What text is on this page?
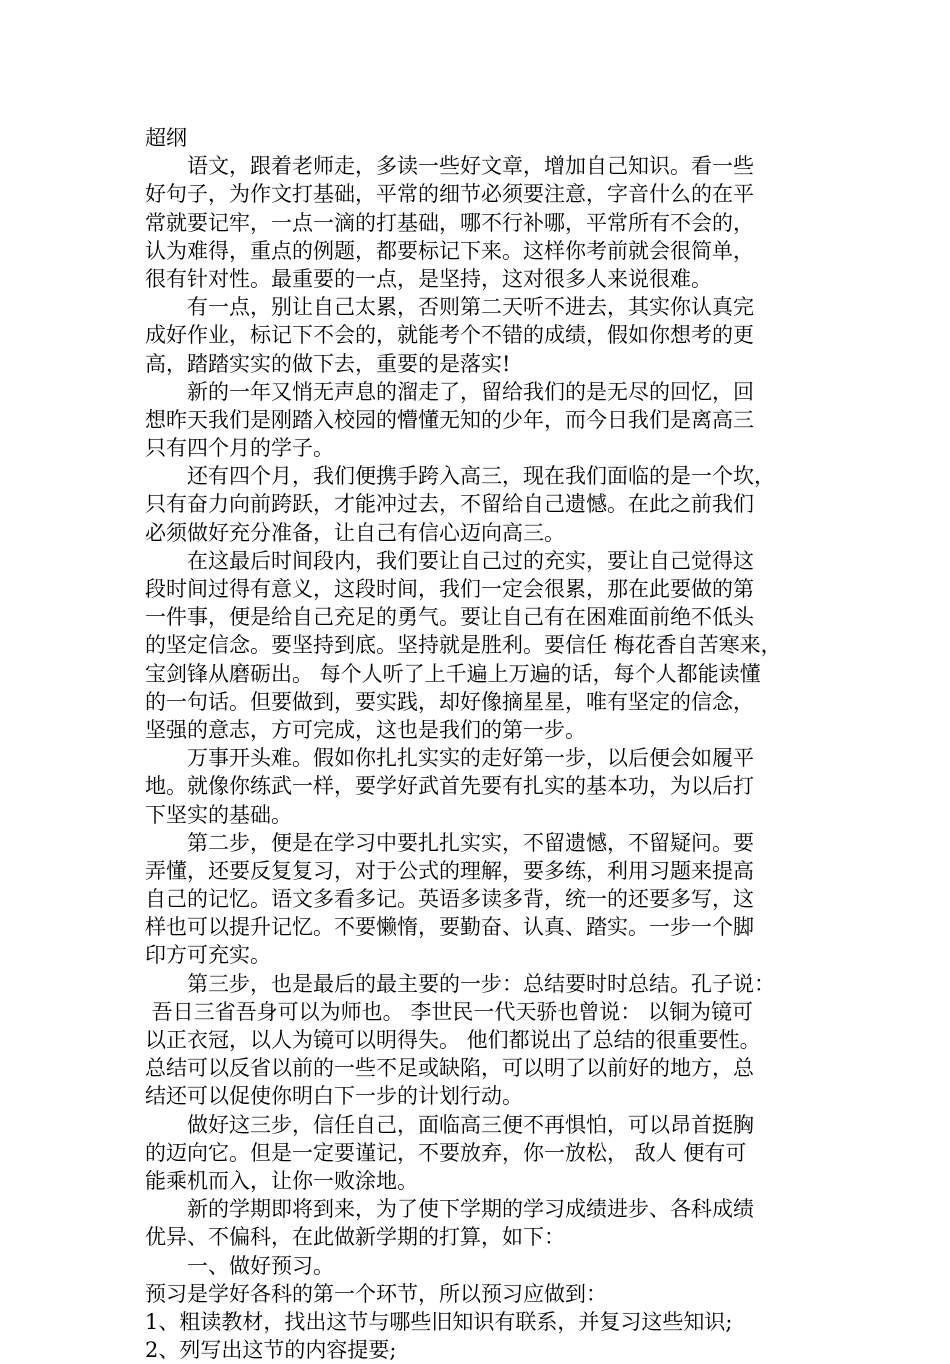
超纲
　　语文，跟着老师走，多读一些好文章，增加自己知识。看一些
好句子，为作文打基础，平常的细节必须要注意，字音什么的在平
常就要记牢，一点一滴的打基础，哪不行补哪，平常所有不会的，
认为难得，重点的例题，都要标记下来。这样你考前就会很简单，
很有针对性。最重要的一点，是坚持，这对很多人来说很难。
　　有一点，别让自己太累，否则第二天听不进去，其实你认真完
成好作业，标记下不会的，就能考个不错的成绩，假如你想考的更
高，踏踏实实的做下去，重要的是落实!
　　新的一年又悄无声息的溜走了，留给我们的是无尽的回忆，回
想昨天我们是刚踏入校园的懵懂无知的少年，而今日我们是离高三
只有四个月的学子。
　　还有四个月，我们便携手跨入高三，现在我们面临的是一个坎，
只有奋力向前跨跃，才能冲过去，不留给自己遗憾。在此之前我们
必须做好充分准备，让自己有信心迈向高三。
　　在这最后时间段内，我们要让自己过的充实，要让自己觉得这
段时间过得有意义，这段时间，我们一定会很累，那在此要做的第
一件事，便是给自己充足的勇气。要让自己有在困难面前绝不低头
的坚定信念。要坚持到底。坚持就是胜利。要信任 梅花香自苦寒来，
宝剑锋从磨砺出。 每个人听了上千遍上万遍的话，每个人都能读懂
的一句话。但要做到，要实践，却好像摘星星，唯有坚定的信念，
坚强的意志，方可完成，这也是我们的第一步。
　　万事开头难。假如你扎扎实实的走好第一步，以后便会如履平
地。就像你练武一样，要学好武首先要有扎实的基本功，为以后打
下坚实的基础。
　　第二步，便是在学习中要扎扎实实，不留遗憾，不留疑问。要
弄懂，还要反复复习，对于公式的理解，要多练，利用习题来提高
自己的记忆。语文多看多记。英语多读多背，统一的还要多写，这
样也可以提升记忆。不要懒惰，要勤奋、认真、踏实。一步一个脚
印方可充实。
　　第三步，也是最后的最主要的一步：总结要时时总结。孔子说：
吾日三省吾身可以为师也。 李世民一代天骄也曾说： 以铜为镜可
以正衣冠，以人为镜可以明得失。 他们都说出了总结的很重要性。
总结可以反省以前的一些不足或缺陷，可以明了以前好的地方，总
结还可以促使你明白下一步的计划行动。
　　做好这三步，信任自己，面临高三便不再惧怕，可以昂首挺胸
的迈向它。但是一定要谨记，不要放弃，你一放松， 敌人 便有可
能乘机而入，让你一败涂地。
　　新的学期即将到来，为了使下学期的学习成绩进步、各科成绩
优异、不偏科，在此做新学期的打算，如下：
　　一、做好预习。
预习是学好各科的第一个环节，所以预习应做到：
1、粗读教材，找出这节与哪些旧知识有联系，并复习这些知识;
2、列写出这节的内容提要;
